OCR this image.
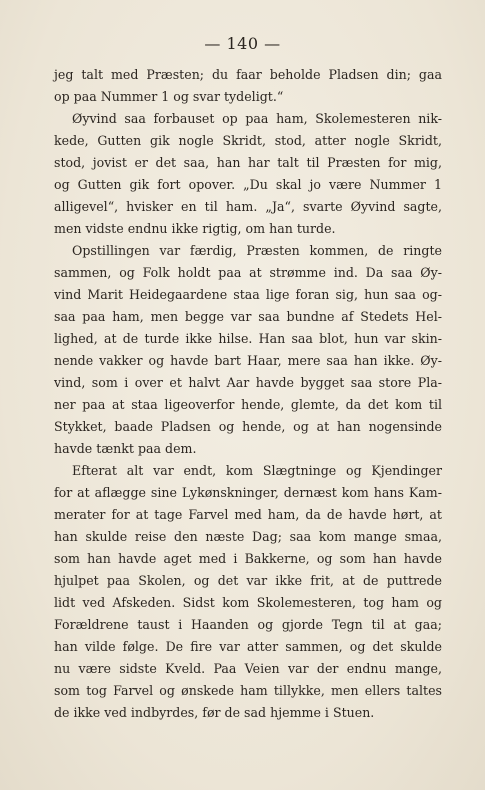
— 140 —
jeg talt med Præsten; du faar beholde Pladsen din; gaa
op paa Nummer 1 og svar tydeligt.“
Øyvind saa forbauset op paa ham, Skolemesteren nik-
kede, Gutten gik nogle Skridt, stod, atter nogle Skridt,
stod, jovist er det saa, han har talt til Præsten for mig,
og Gutten gik fort opover. „Du skal jo være Nummer 1
alligevel“, hvisker en til ham. „Ja“, svarte Øyvind sagte,
men vidste endnu ikke rigtig, om han turde.
Opstillingen var færdig, Præsten kommen, de ringte
sammen, og Folk holdt paa at strømme ind. Da saa Øy-
vind Marit Heidegaardene staa lige foran sig, hun saa og-
saa paa ham, men begge var saa bundne af Stedets Hel-
lighed, at de turde ikke hilse. Han saa blot, hun var skin-
nende vakker og havde bart Haar, mere saa han ikke. Øy-
vind, som i over et halvt Aar havde bygget saa store Pla-
ner paa at staa ligeoverfor hende, glemte, da det kom til
Stykket, baade Pladsen og hende, og at han nogensinde
havde tænkt paa dem.
Efterat alt var endt, kom Slægtninge og Kjendinger
for at aflægge sine Lykønskninger, dernæst kom hans Kam-
merater for at tage Farvel med ham, da de havde hørt, at
han skulde reise den næste Dag; saa kom mange smaa,
som han havde aget med i Bakkerne, og som han havde
hjulpet paa Skolen, og det var ikke frit, at de puttrede
lidt ved Afskeden. Sidst kom Skolemesteren, tog ham og
Forældrene taust i Haanden og gjorde Tegn til at gaa;
han vilde følge. De fire var atter sammen, og det skulde
nu være sidste Kveld. Paa Veien var der endnu mange,
som tog Farvel og ønskede ham tillykke, men ellers taltes
de ikke ved indbyrdes, før de sad hjemme i Stuen.
